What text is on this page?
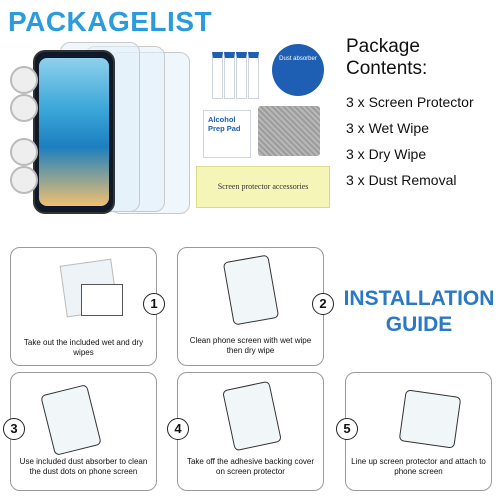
PACKAGELIST
Dust absorber
Alcohol Prep Pad
Screen protector accessories
Package
Contents:
3 x Screen Protector
3 x Wet Wipe
3 x Dry Wipe
3 x Dust Removal
Take out the included wet and dry wipes
1
Clean phone screen with wet wipe then dry wipe
2 INSTALLATION
GUIDE
Use included dust absorber to clean the dust dots on phone screen
3
Take off the adhesive backing cover on screen protector
4
Line up screen protector and attach to phone screen
5
